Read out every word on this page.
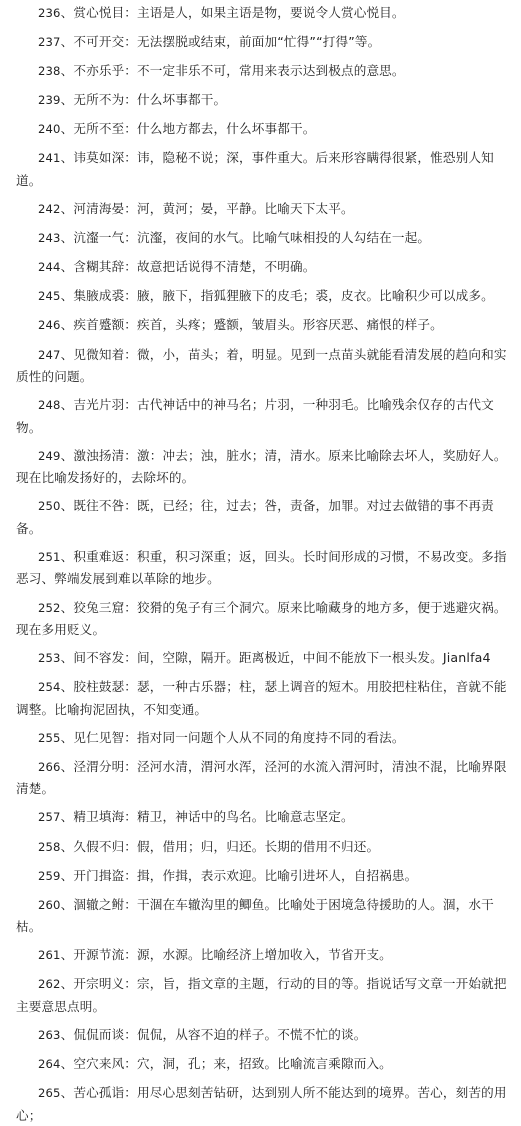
236、赏心悦目：主语是人，如果主语是物，要说令人赏心悦目。
237、不可开交：无法摆脱或结束，前面加“忙得”“打得”等。
238、不亦乐乎：不一定非乐不可，常用来表示达到极点的意思。
239、无所不为：什么坏事都干。
240、无所不至：什么地方都去，什么坏事都干。
241、讳莫如深：讳，隐秘不说；深，事件重大。后来形容瞒得很紧，惟恐别人知道。
242、河清海晏：河，黄河；晏，平静。比喻天下太平。
243、沆瀣一气：沆瀣，夜间的水气。比喻气味相投的人勾结在一起。
244、含糊其辞：故意把话说得不清楚，不明确。
245、集腋成裘：腋，腋下，指狐狸腋下的皮毛；裘，皮衣。比喻积少可以成多。
246、疾首蹙额：疾首，头疼；蹙额，皱眉头。形容厌恶、痛恨的样子。
247、见微知着：微，小，苗头；着，明显。见到一点苗头就能看清发展的趋向和实质性的问题。
248、吉光片羽：古代神话中的神马名；片羽，一种羽毛。比喻残余仅存的古代文物。
249、激浊扬清：激：冲去；浊，脏水；清，清水。原来比喻除去坏人，奖励好人。现在比喻发扬好的，去除坏的。
250、既往不咎：既，已经；往，过去；咎，责备，加罪。对过去做错的事不再责备。
251、积重难返：积重，积习深重；返，回头。长时间形成的习惯，不易改变。多指恶习、弊端发展到难以革除的地步。
252、狡兔三窟：狡猾的兔子有三个洞穴。原来比喻藏身的地方多，便于逃避灾祸。现在多用贬义。
253、间不容发：间，空隙，隔开。距离极近，中间不能放下一根头发。Jianlfa4
254、胶柱鼓瑟：瑟，一种古乐器；柱，瑟上调音的短木。用胶把柱粘住，音就不能调整。比喻拘泥固执，不知变通。
255、见仁见智：指对同一问题个人从不同的角度持不同的看法。
266、泾渭分明：泾河水清，渭河水浑，泾河的水流入渭河时，清浊不混，比喻界限清楚。
257、精卫填海：精卫，神话中的鸟名。比喻意志坚定。
258、久假不归：假，借用；归，归还。长期的借用不归还。
259、开门揖盗：揖，作揖，表示欢迎。比喻引进坏人，自招祸患。
260、涸辙之鲋：干涸在车辙沟里的鲫鱼。比喻处于困境急待援助的人。涸，水干枯。
261、开源节流：源，水源。比喻经济上增加收入，节省开支。
262、开宗明义：宗，旨，指文章的主题，行动的目的等。指说话写文章一开始就把主要意思点明。
263、侃侃而谈：侃侃，从容不迫的样子。不慌不忙的谈。
264、空穴来风：穴，洞，孔；来，招致。比喻流言乘隙而入。
265、苦心孤诣：用尽心思刻苦钻研，达到别人所不能达到的境界。苦心，刻苦的用心；
